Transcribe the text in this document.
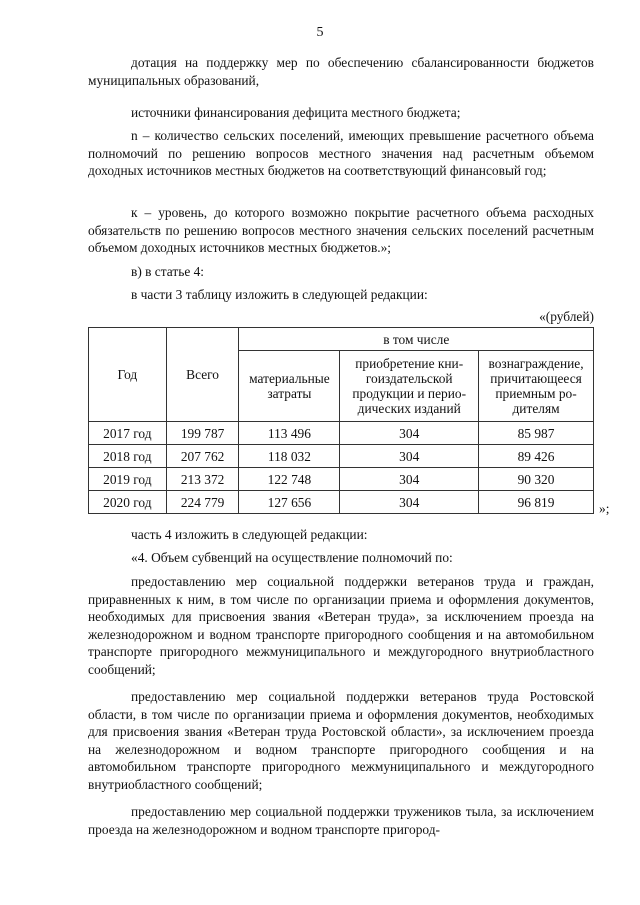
5

дотация на поддержку мер по обеспечению сбалансированности бюджетов муниципальных образований,

источники финансирования дефицита местного бюджета;

n – количество сельских поселений, имеющих превышение расчетного объема полномочий по решению вопросов местного значения над расчетным объемом доходных источников местных бюджетов на соответствующий финансовый год;

к – уровень, до которого возможно покрытие расчетного объема расходных обязательств по решению вопросов местного значения сельских поселений расчетным объемом доходных источников местных бюджетов.»;

в) в статье 4:

в части 3 таблицу изложить в следующей редакции:

«(рублей)

Год	Всего	в том числе		
		материальные затраты	приобретение кни-
гоиздательской
продукции и перио-
дических изданий	вознаграждение,
причитающееся
приемным ро-
дителям
2017 год	199 787	113 496	304	85 987
2018 год	207 762	118 032	304	89 426
2019 год	213 372	122 748	304	90 320
2020 год	224 779	127 656	304	96 819	»;

часть 4 изложить в следующей редакции:

«4. Объем субвенций на осуществление полномочий по:

предоставлению мер социальной поддержки ветеранов труда и граждан, приравненных к ним, в том числе по организации приема и оформления документов, необходимых для присвоения звания «Ветеран труда», за исключением проезда на железнодорожном и водном транспорте пригородного сообщения и на автомобильном транспорте пригородного межмуниципального и междугородного внутриобластного сообщений;

предоставлению мер социальной поддержки ветеранов труда Ростовской области, в том числе по организации приема и оформления документов, необходимых для присвоения звания «Ветеран труда Ростовской области», за исключением проезда на железнодорожном и водном транспорте пригородного сообщения и на автомобильном транспорте пригородного межмуниципального и междугородного внутриобластного сообщений;

предоставлению мер социальной поддержки тружеников тыла, за исключением проезда на железнодорожном и водном транспорте пригород-
